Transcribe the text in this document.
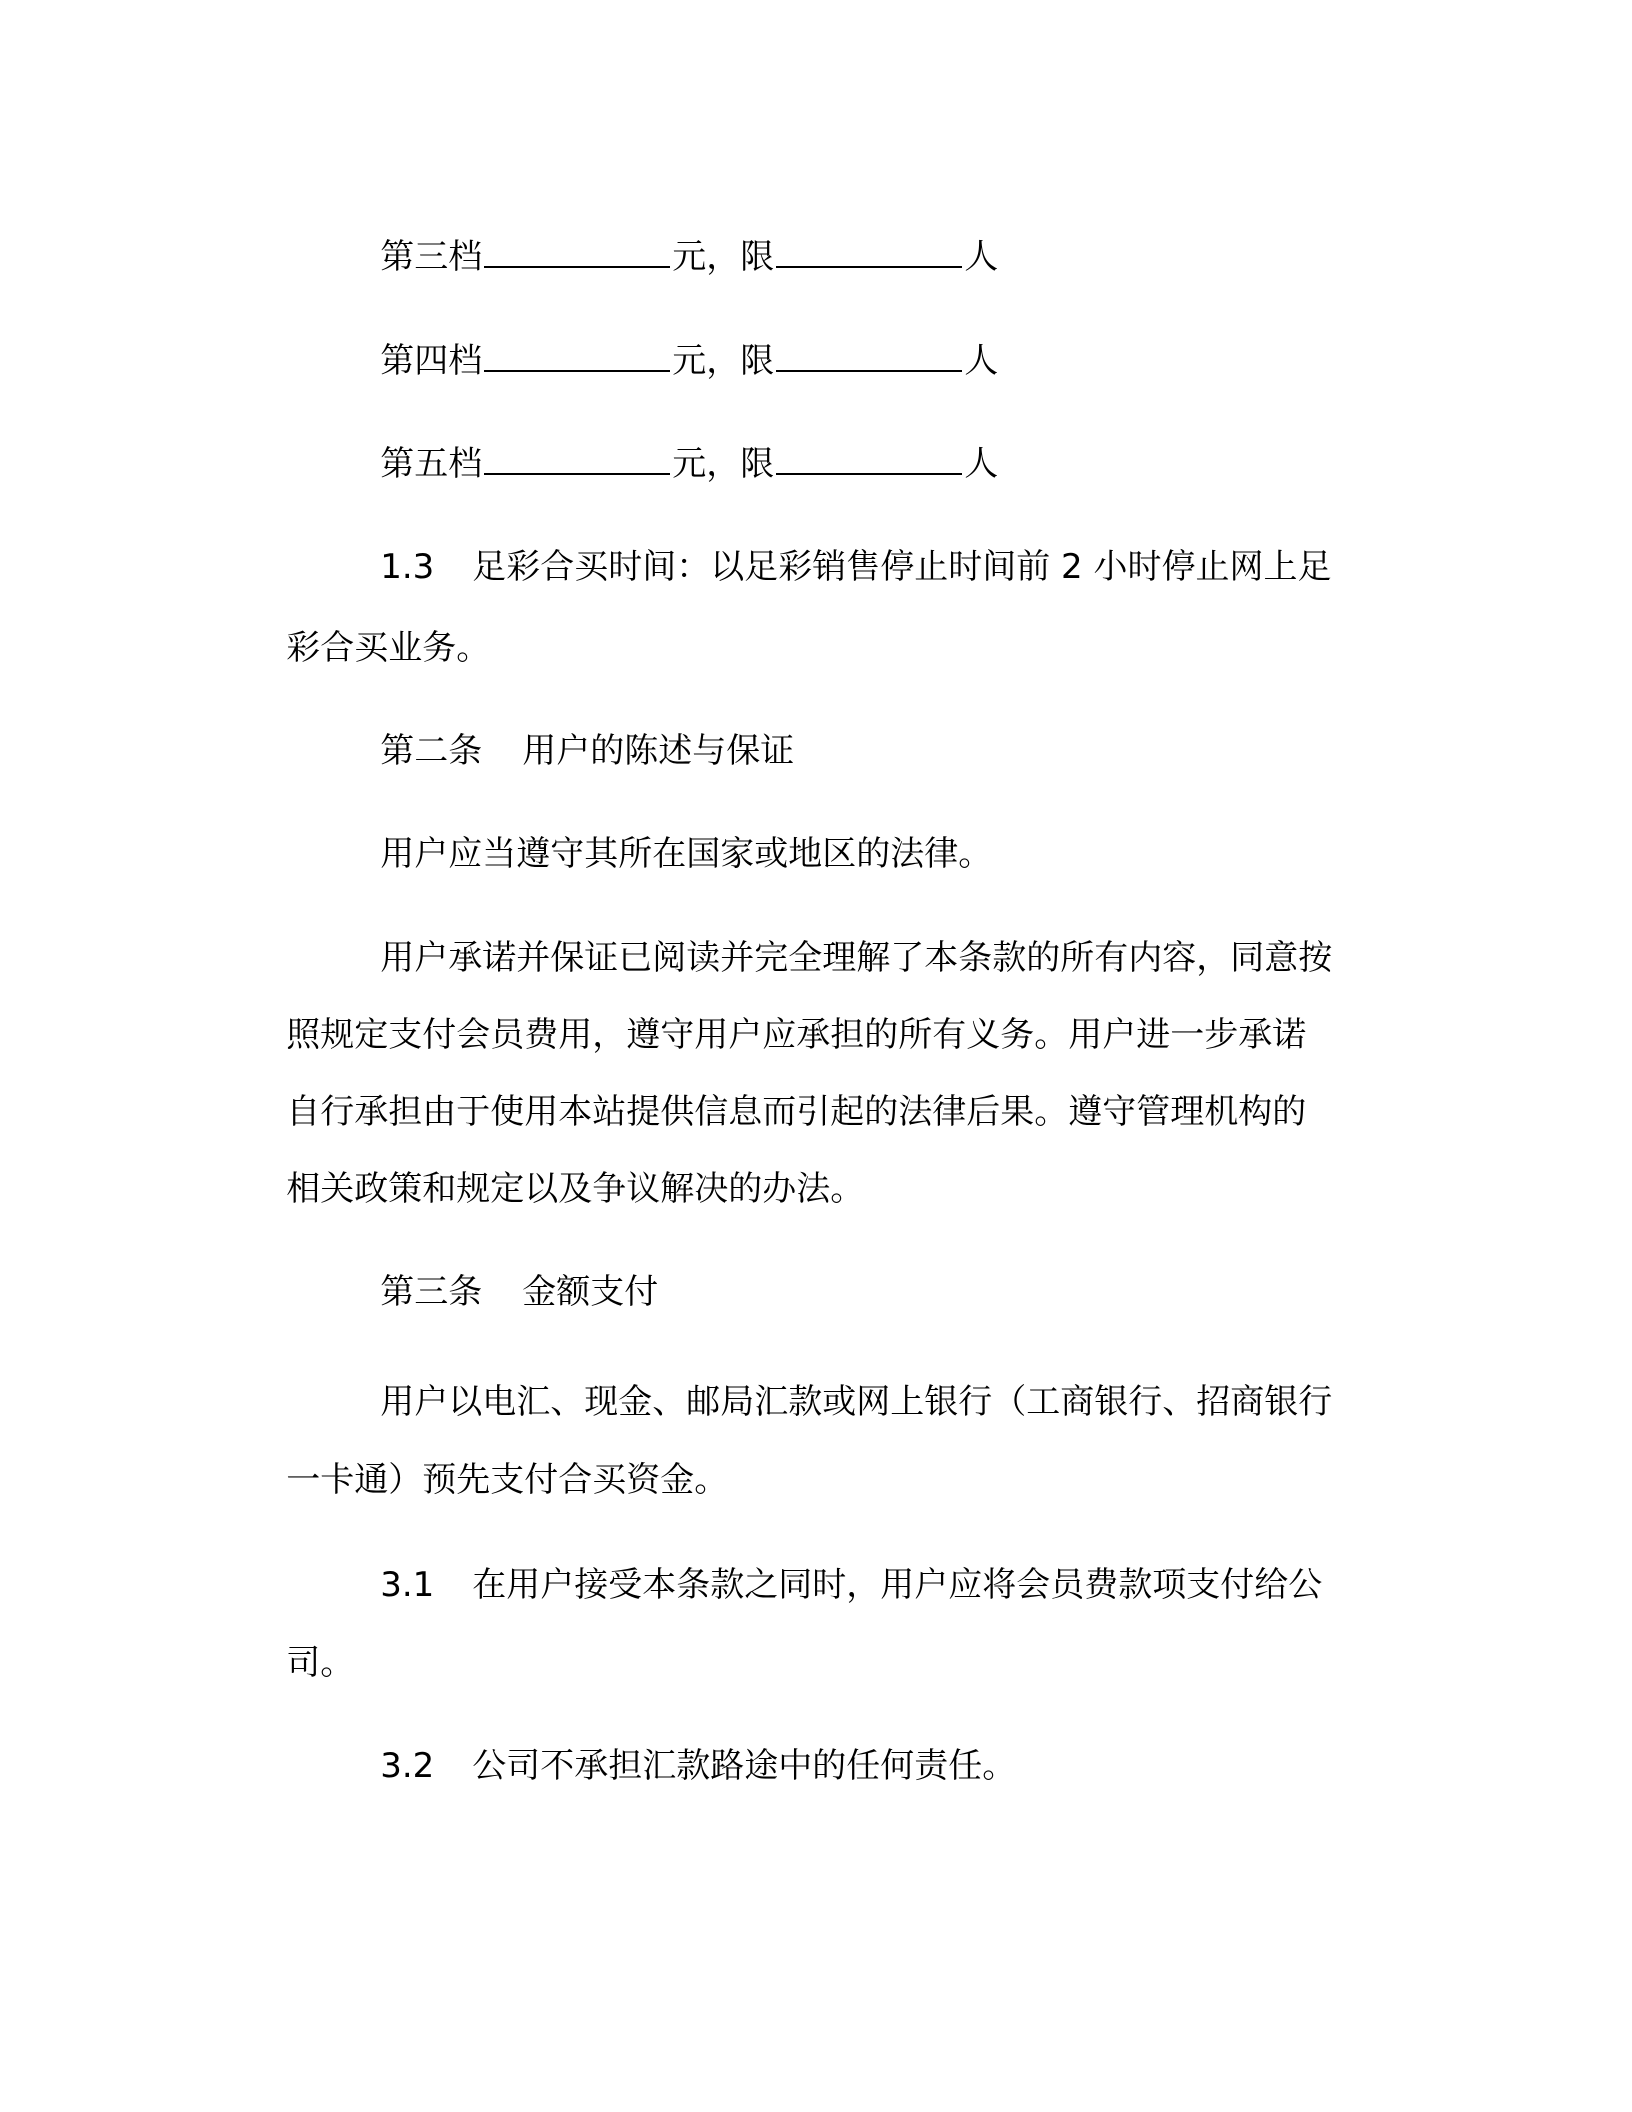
第三档	元，限	人

第四档	元，限	人

第五档	元，限	人

1.3 足彩合买时间：以足彩销售停止时间前 2 小时停止网上足

彩合买业务。

第二条 用户的陈述与保证

用户应当遵守其所在国家或地区的法律。

用户承诺并保证已阅读并完全理解了本条款的所有内容，同意按

照规定支付会员费用，遵守用户应承担的所有义务。用户进一步承诺

自行承担由于使用本站提供信息而引起的法律后果。遵守管理机构的

相关政策和规定以及争议解决的办法。

第三条 金额支付

用户以电汇、现金、邮局汇款或网上银行（工商银行、招商银行

一卡通）预先支付合买资金。

3.1 在用户接受本条款之同时，用户应将会员费款项支付给公

司。

3.2 公司不承担汇款路途中的任何责任。
